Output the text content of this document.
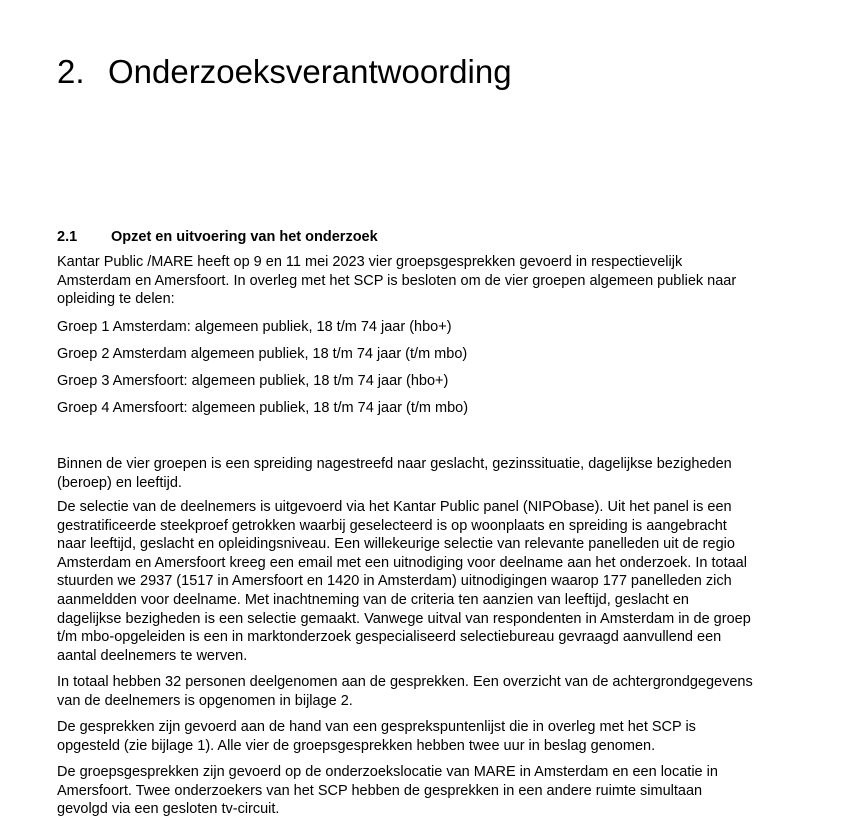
2. Onderzoeksverantwoording
2.1 Opzet en uitvoering van het onderzoek

Kantar Public /MARE heeft op 9 en 11 mei 2023 vier groepsgesprekken gevoerd in respectievelijk
Amsterdam en Amersfoort. In overleg met het SCP is besloten om de vier groepen algemeen publiek naar
opleiding te delen:

Groep 1 Amsterdam: algemeen publiek, 18 t/m 74 jaar (hbo+)

Groep 2 Amsterdam algemeen publiek, 18 t/m 74 jaar (t/m mbo)

Groep 3 Amersfoort: algemeen publiek, 18 t/m 74 jaar (hbo+)

Groep 4 Amersfoort: algemeen publiek, 18 t/m 74 jaar (t/m mbo)

Binnen de vier groepen is een spreiding nagestreefd naar geslacht, gezinssituatie, dagelijkse bezigheden
(beroep) en leeftijd.

De selectie van de deelnemers is uitgevoerd via het Kantar Public panel (NIPObase). Uit het panel is een
gestratificeerde steekproef getrokken waarbij geselecteerd is op woonplaats en spreiding is aangebracht
naar leeftijd, geslacht en opleidingsniveau. Een willekeurige selectie van relevante panelleden uit de regio
Amsterdam en Amersfoort kreeg een email met een uitnodiging voor deelname aan het onderzoek. In totaal
stuurden we 2937 (1517 in Amersfoort en 1420 in Amsterdam) uitnodigingen waarop 177 panelleden zich
aanmeldden voor deelname. Met inachtneming van de criteria ten aanzien van leeftijd, geslacht en
dagelijkse bezigheden is een selectie gemaakt. Vanwege uitval van respondenten in Amsterdam in de groep
t/m mbo-opgeleiden is een in marktonderzoek gespecialiseerd selectiebureau gevraagd aanvullend een
aantal deelnemers te werven.

In totaal hebben 32 personen deelgenomen aan de gesprekken. Een overzicht van de achtergrondgegevens
van de deelnemers is opgenomen in bijlage 2.

De gesprekken zijn gevoerd aan de hand van een gesprekspuntenlijst die in overleg met het SCP is
opgesteld (zie bijlage 1). Alle vier de groepsgesprekken hebben twee uur in beslag genomen.

De groepsgesprekken zijn gevoerd op de onderzoekslocatie van MARE in Amsterdam en een locatie in
Amersfoort. Twee onderzoekers van het SCP hebben de gesprekken in een andere ruimte simultaan
gevolgd via een gesloten tv-circuit.
